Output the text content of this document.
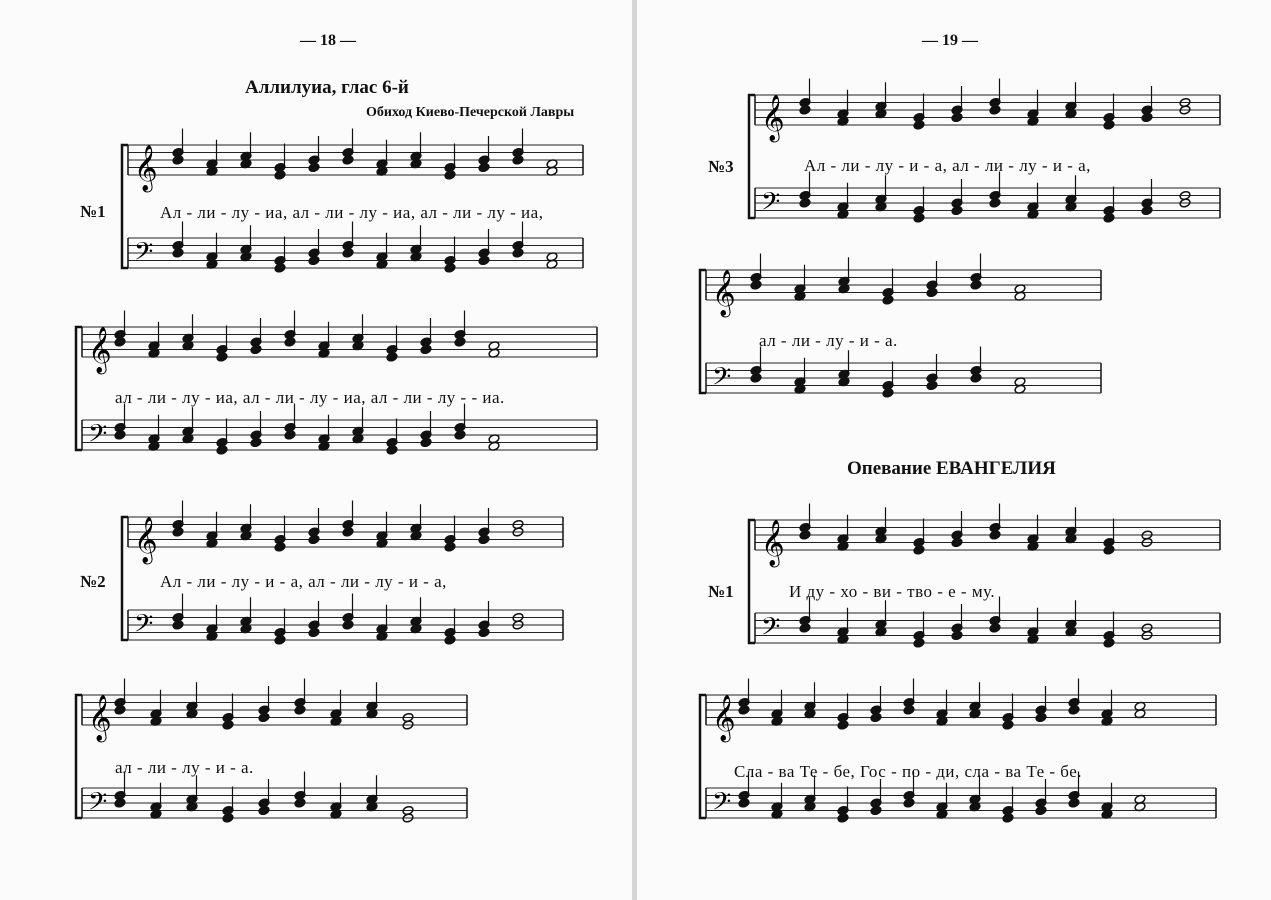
— 18 —
Аллилуиа, глас 6-й
Обиход Киево-Печерской Лавры
№1
𝄞
𝄢
Ал - ли - лу - иа, ал - ли - лу - иа, ал - ли - лу - иа,
𝄞
𝄢
ал - ли - лу - иа, ал - ли - лу - иа, ал - ли - лу - - иа.
№2
𝄞
𝄢
Ал - ли - лу - и - а, ал - ли - лу - и - а,
𝄞
𝄢
ал - ли - лу - и - а.
— 19 —
№3
𝄞
𝄢
Ал - ли - лу - и - а, ал - ли - лу - и - а,
𝄞
𝄢
ал - ли - лу - и - а.
Опевание ЕВАНГЕЛИЯ
№1
𝄞
𝄢
И ду - хо - ви - тво - е - му.
𝄞
𝄢
Сла - ва Те - бе, Гос - по - ди, сла - ва Те - бе.
